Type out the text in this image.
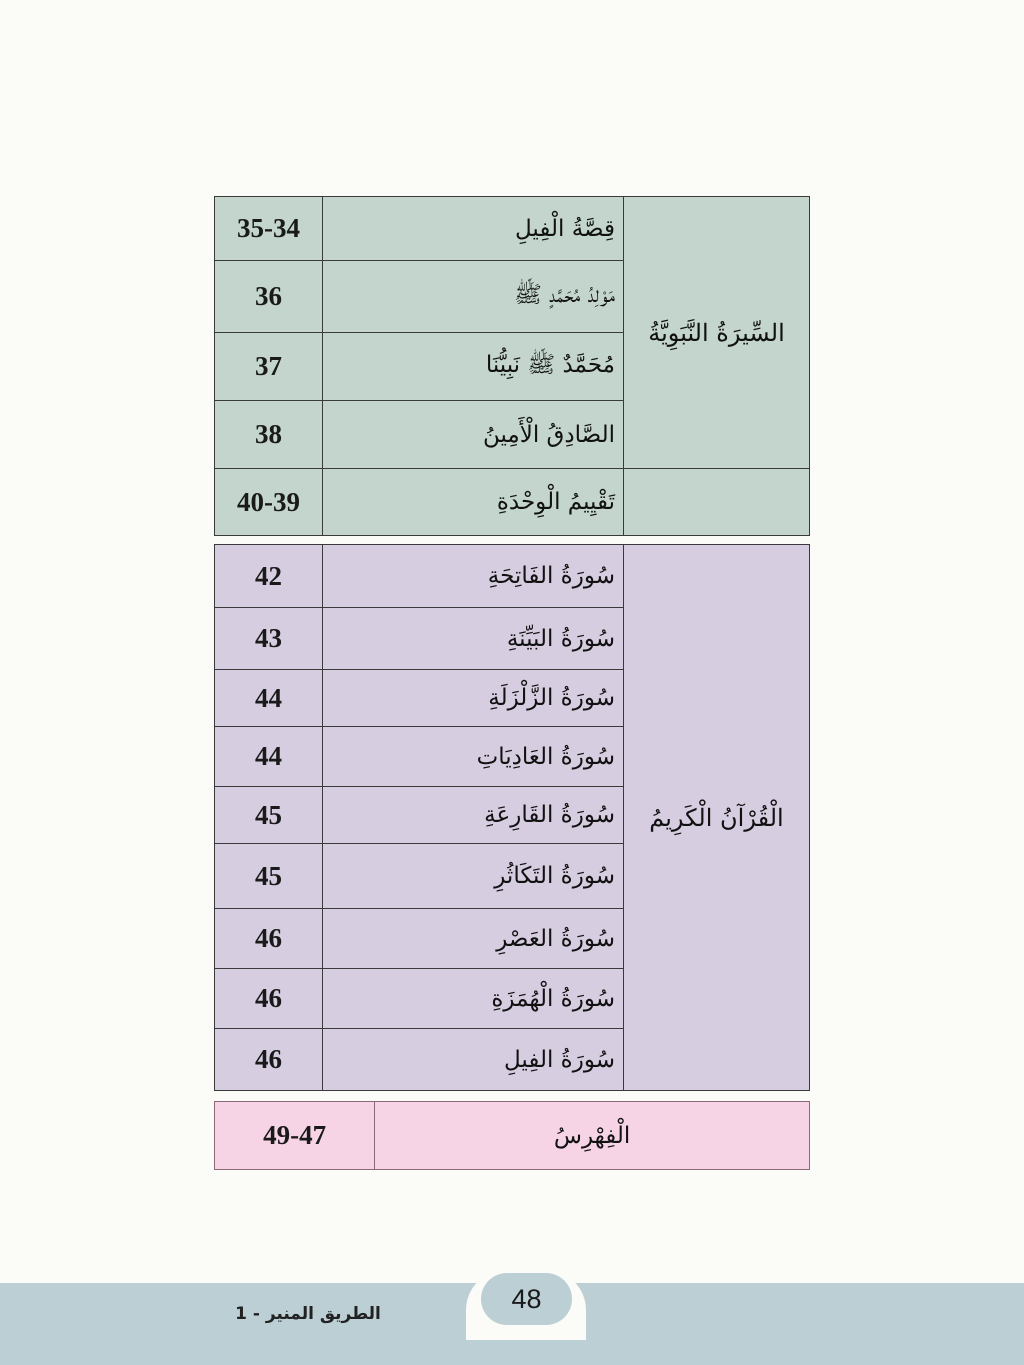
35-34	قِصَّةُ الْفِيلِ	السِّيرَةُ النَّبَوِيَّةُ
36	مَوْلِدُ مُحَمَّدٍ ﷺ	
37	مُحَمَّدٌ ﷺ نَبِيُّنَا	
38	الصَّادِقُ الْأَمِينُ	
40-39	تَقْيِيمُ الْوِحْدَةِ	
42	سُورَةُ الفَاتِحَةِ	الْقُرْآنُ الْكَرِيمُ
43	سُورَةُ البَيِّنَةِ	
44	سُورَةُ الزَّلْزَلَةِ	
44	سُورَةُ العَادِيَاتِ	
45	سُورَةُ القَارِعَةِ	
45	سُورَةُ التَكَاثُرِ	
46	سُورَةُ العَصْرِ	
46	سُورَةُ الْهُمَزَةِ	
46	سُورَةُ الفِيلِ	
49-47	الْفِهْرِسُ
48
الطريق المنير - 1
